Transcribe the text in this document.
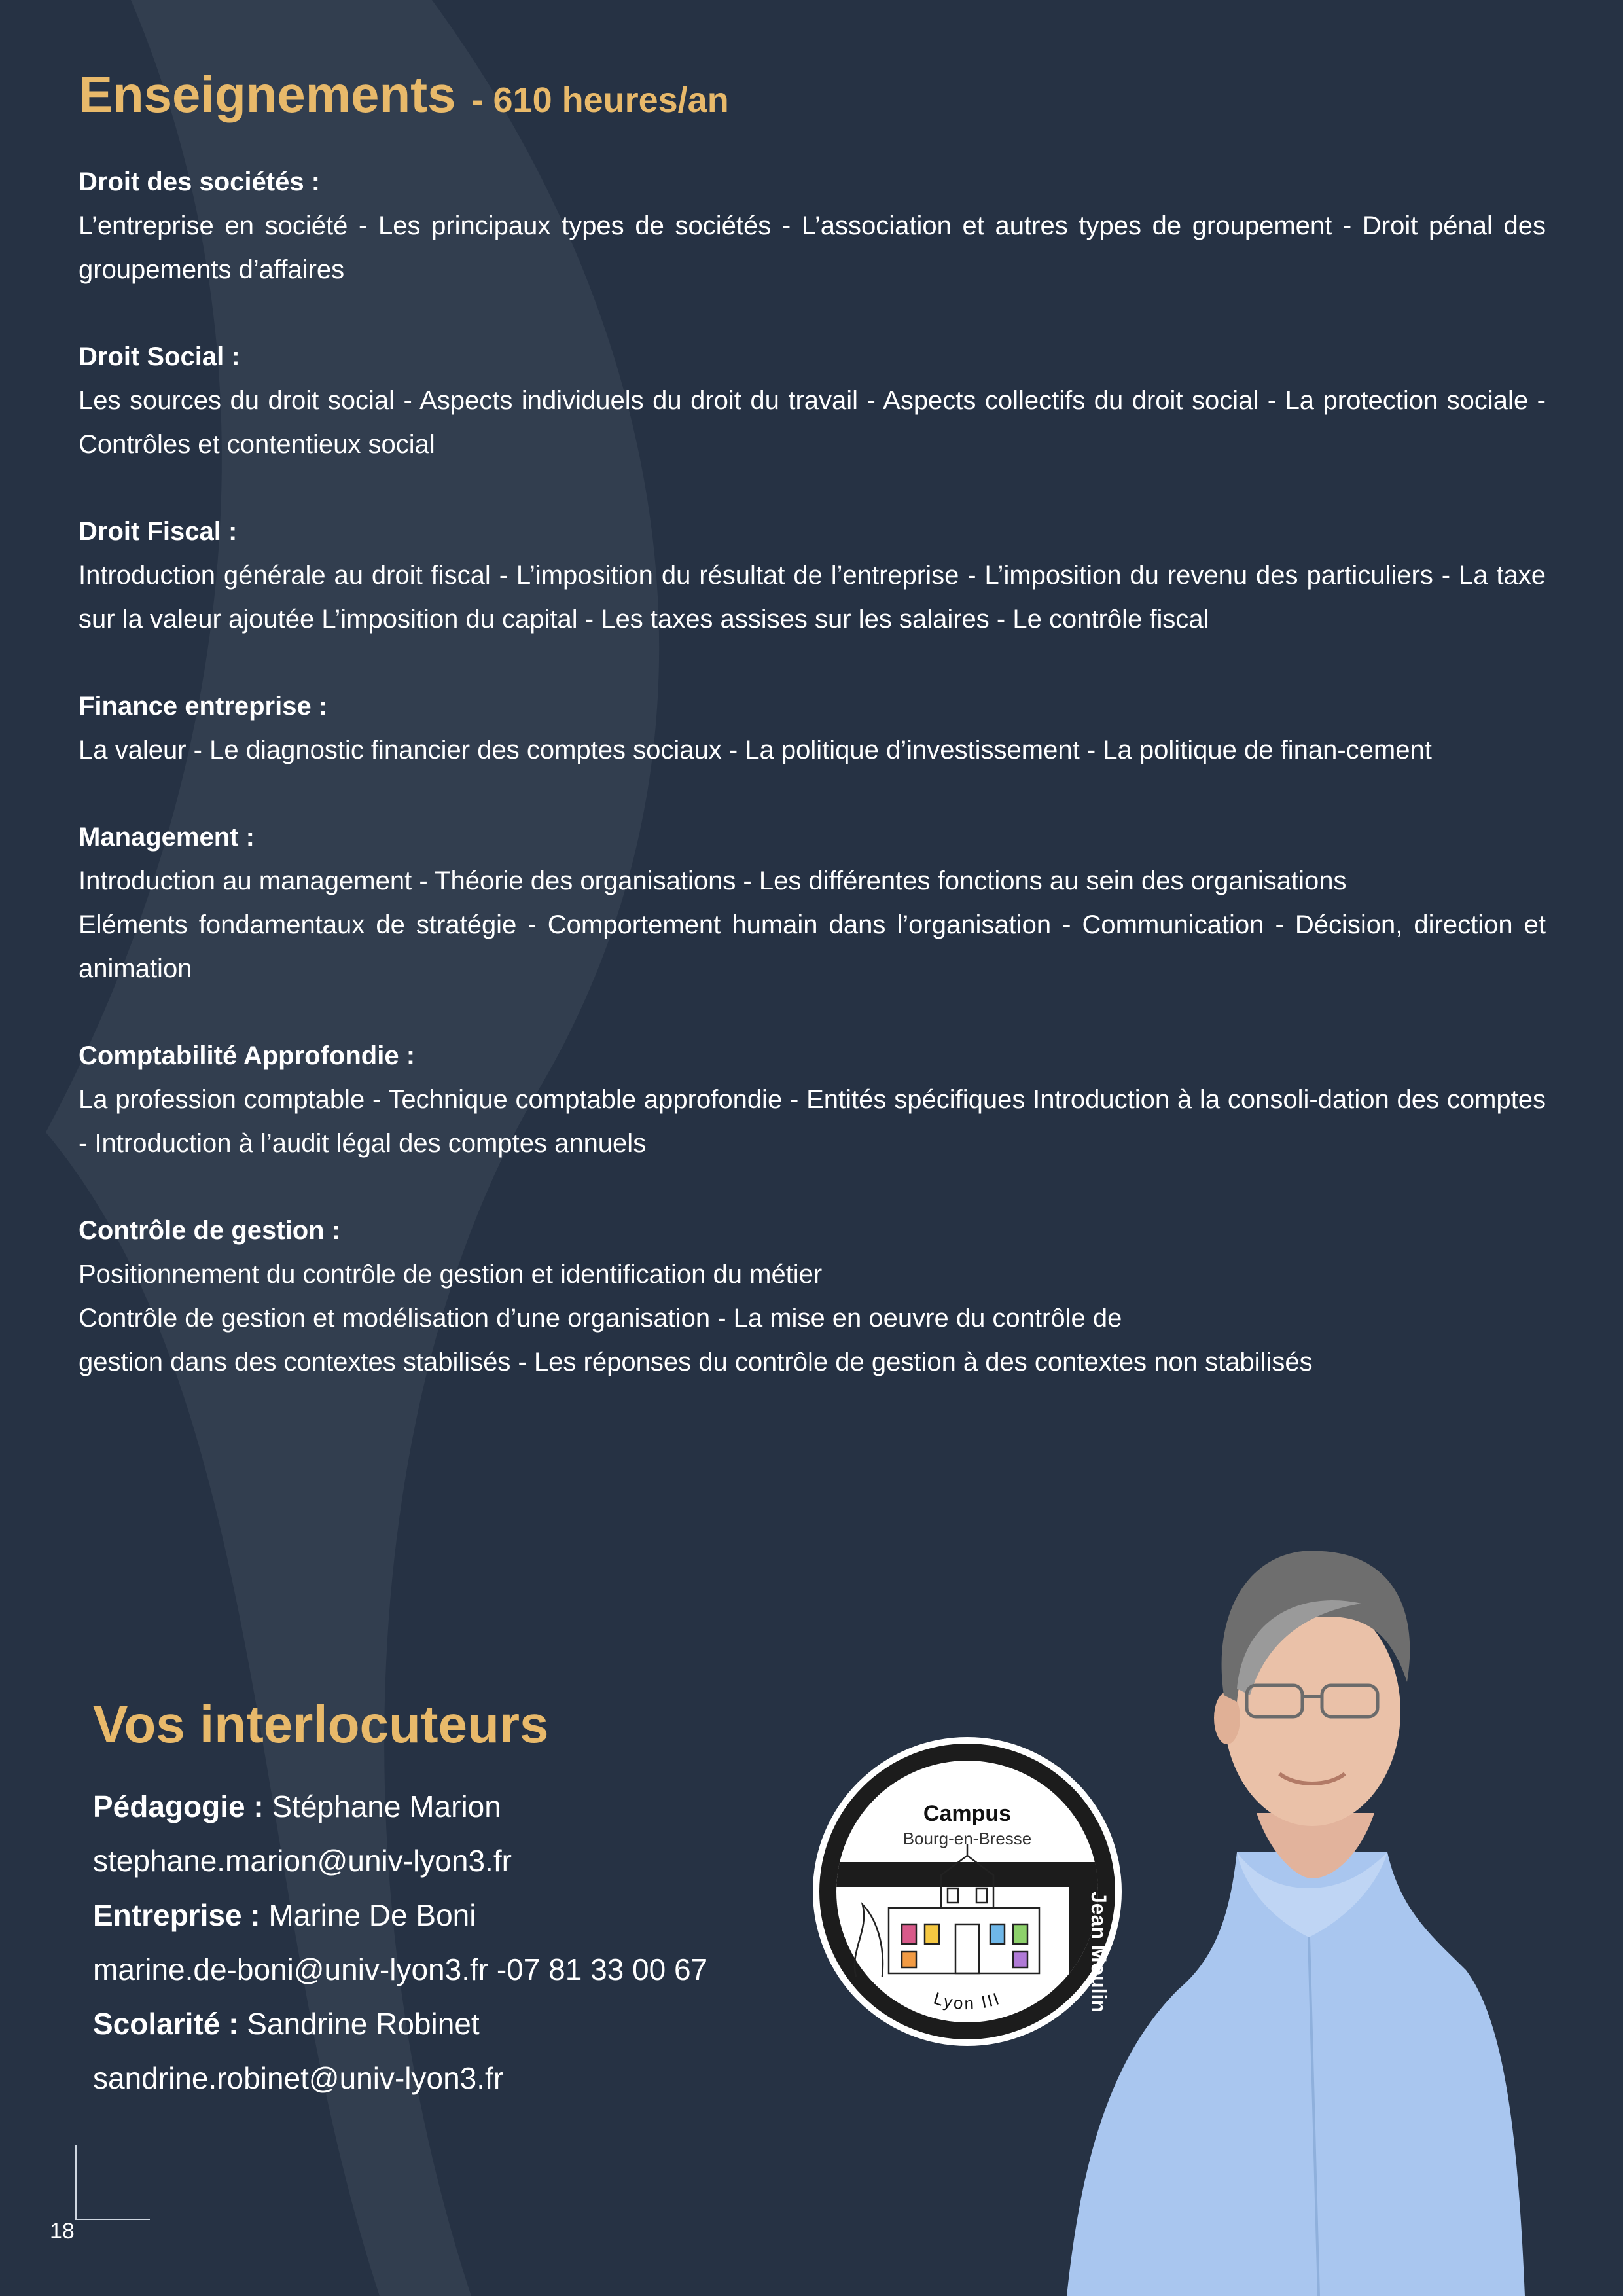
Enseignements - 610 heures/an
Droit des sociétés :
L’entreprise en société - Les principaux types de sociétés - L’association et autres types de groupement - Droit pénal des groupements d’affaires
Droit Social :
Les sources du droit social - Aspects individuels du droit du travail - Aspects collectifs du droit social - La protection sociale - Contrôles et contentieux social
Droit Fiscal :
Introduction générale au droit fiscal - L’imposition du résultat de l’entreprise - L’imposition du revenu des particuliers - La taxe sur la valeur ajoutée L’imposition du capital - Les taxes assises sur les salaires - Le contrôle fiscal
Finance entreprise :
La valeur - Le diagnostic financier des comptes sociaux - La politique d’investissement - La politique de finan-cement
Management :
Introduction au management - Théorie des organisations - Les différentes fonctions au sein des organisations
Eléments fondamentaux de stratégie - Comportement humain dans l’organisation - Communication - Décision, direction et animation
Comptabilité Approfondie :
La profession comptable - Technique comptable approfondie - Entités spécifiques Introduction à la consoli-dation des comptes - Introduction à l’audit légal des comptes annuels
Contrôle de gestion :
Positionnement du contrôle de gestion et identification du métier
Contrôle de gestion et modélisation d’une organisation - La mise en oeuvre du contrôle de
gestion dans des contextes stabilisés - Les réponses du contrôle de gestion à des contextes non stabilisés
Vos interlocuteurs
Pédagogie : Stéphane Marion
stephane.marion@univ-lyon3.fr
Entreprise : Marine De Boni
marine.de-boni@univ-lyon3.fr -07 81 33 00 67
Scolarité : Sandrine Robinet
sandrine.robinet@univ-lyon3.fr
UNIVERSITÉ
Campus
Bourg-en-Bresse
Jean Moulin
Lyon III
18
